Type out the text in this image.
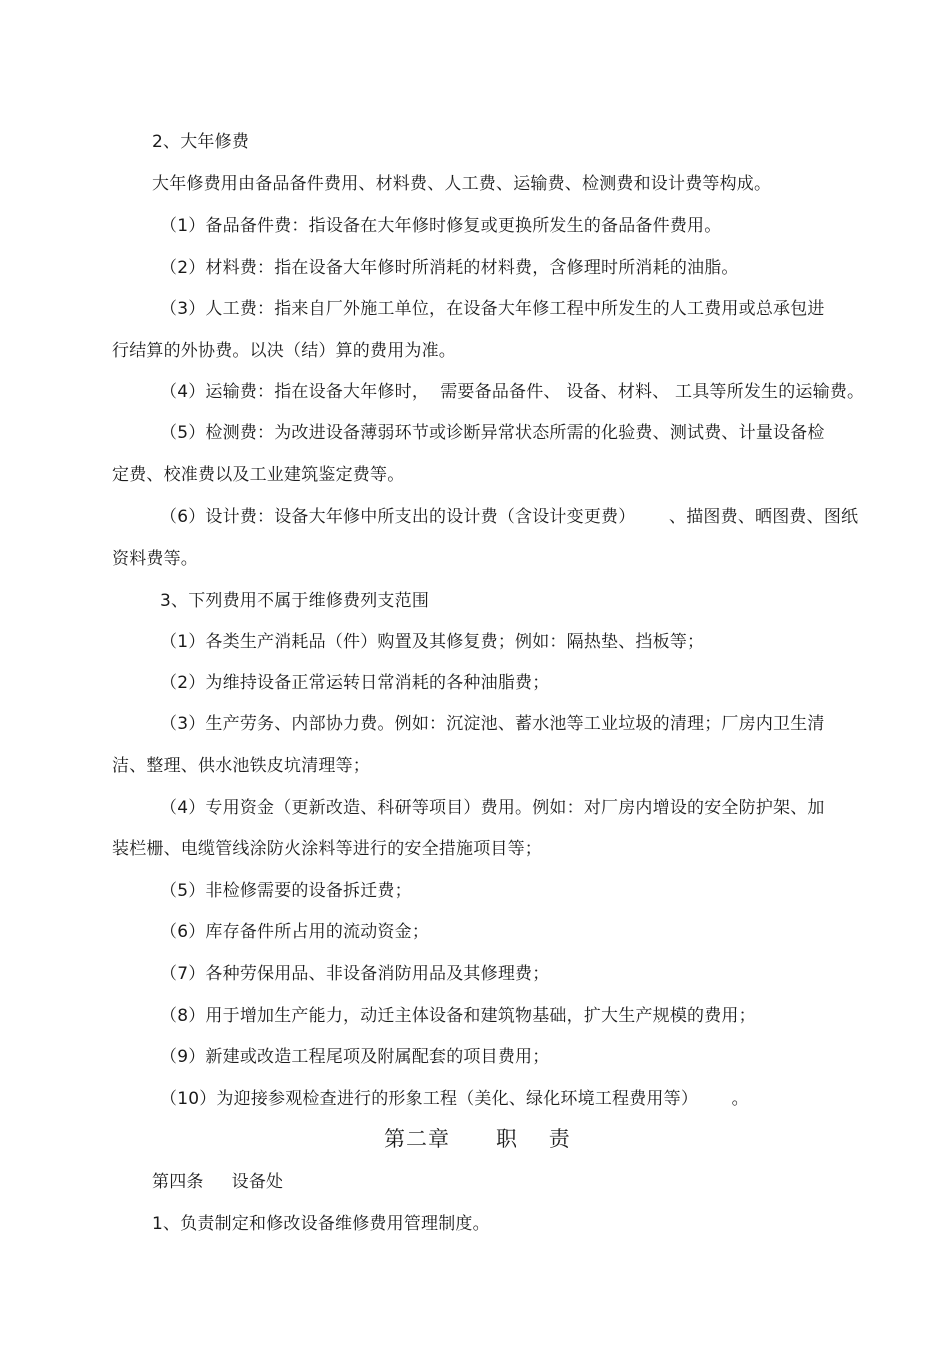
2、大年修费
大年修费用由备品备件费用、材料费、人工费、运输费、检测费和设计费等构成。
（1）备品备件费：指设备在大年修时修复或更换所发生的备品备件费用。
（2）材料费：指在设备大年修时所消耗的材料费，含修理时所消耗的油脂。
（3）人工费：指来自厂外施工单位，在设备大年修工程中所发生的人工费用或总承包进
行结算的外协费。以决（结）算的费用为准。
（4）运输费：指在设备大年修时，  需要备品备件、 设备、材料、 工具等所发生的运输费。
（5）检测费：为改进设备薄弱环节或诊断异常状态所需的化验费、测试费、计量设备检
定费、校准费以及工业建筑鉴定费等。
（6）设计费：设备大年修中所支出的设计费（含设计变更费）      、描图费、晒图费、图纸
资料费等。
3、下列费用不属于维修费列支范围
（1）各类生产消耗品（件）购置及其修复费；例如：隔热垫、挡板等；
（2）为维持设备正常运转日常消耗的各种油脂费；
（3）生产劳务、内部协力费。例如：沉淀池、蓄水池等工业垃圾的清理；厂房内卫生清
洁、整理、供水池铁皮坑清理等；
（4）专用资金（更新改造、科研等项目）费用。例如：对厂房内增设的安全防护架、加
装栏栅、电缆管线涂防火涂料等进行的安全措施项目等；
（5）非检修需要的设备拆迁费；
（6）库存备件所占用的流动资金；
（7）各种劳保用品、非设备消防用品及其修理费；
（8）用于增加生产能力，动迁主体设备和建筑物基础，扩大生产规模的费用；
（9）新建或改造工程尾项及附属配套的项目费用；
（10）为迎接参观检查进行的形象工程（美化、绿化环境工程费用等）      。
第二章      职    责
第四条     设备处
1、负责制定和修改设备维修费用管理制度。
